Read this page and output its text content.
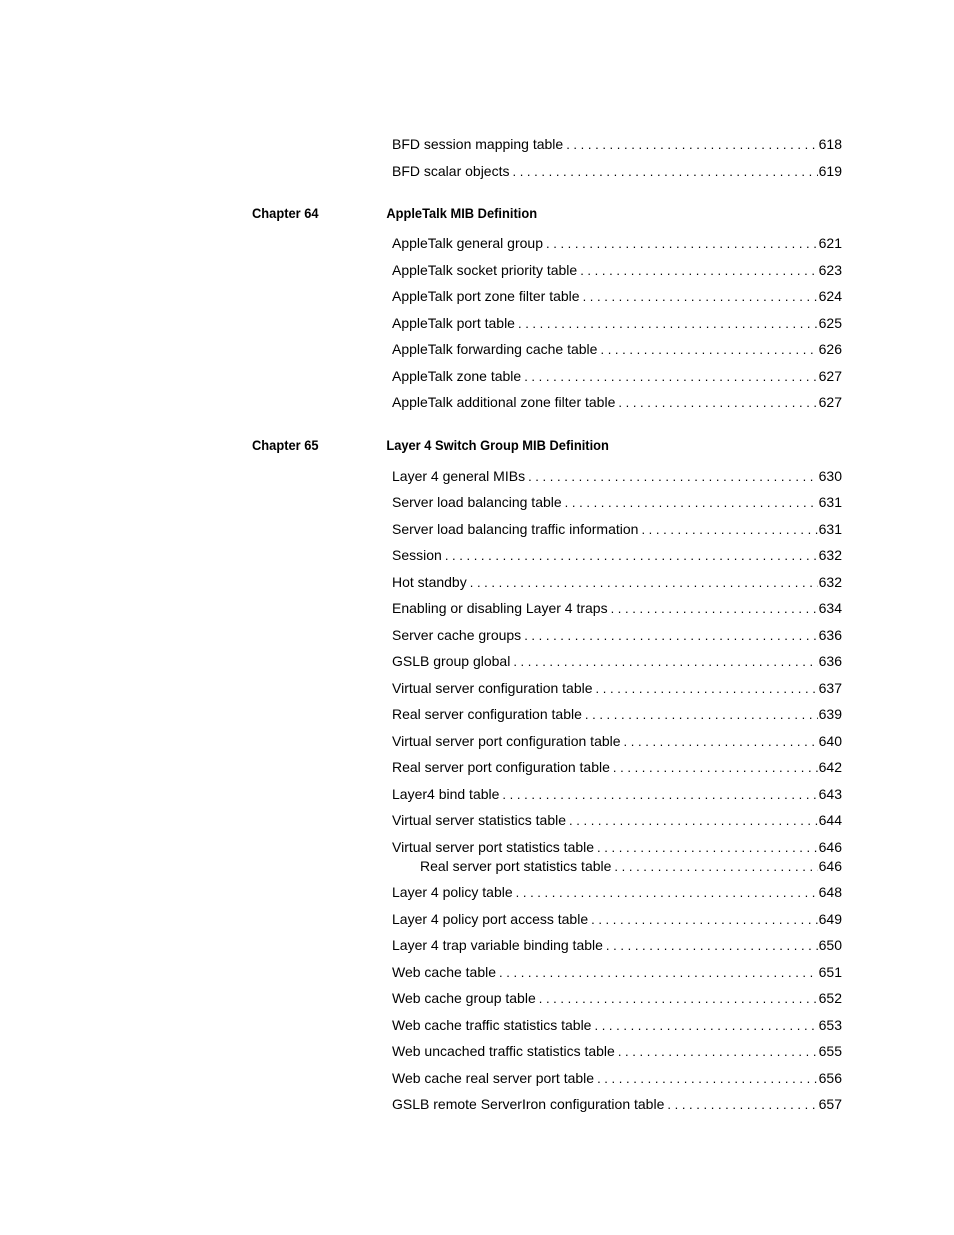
BFD session mapping table . . .	618
BFD scalar objects . . .	619
Chapter 64	AppleTalk MIB Definition
AppleTalk general group . . .	621
AppleTalk socket priority table . . .	623
AppleTalk port zone filter table . . .	624
AppleTalk port table . . .	625
AppleTalk forwarding cache table . . .	626
AppleTalk zone table . . .	627
AppleTalk additional zone filter table . . .	627
Chapter 65	Layer 4 Switch Group MIB Definition
Layer 4 general MIBs . . .	630
Server load balancing table . . .	631
Server load balancing traffic information . . .	631
Session . . .	632
Hot standby . . .	632
Enabling or disabling Layer 4 traps . . .	634
Server cache groups . . .	636
GSLB group global . . .	636
Virtual server configuration table . . .	637
Real server configuration table . . .	639
Virtual server port configuration table . . .	640
Real server port configuration table . . .	642
Layer4 bind table . . .	643
Virtual server statistics table . . .	644
Virtual server port statistics table . . .	646
Real server port statistics table . . .	646
Layer 4 policy table . . .	648
Layer 4 policy port access table . . .	649
Layer 4 trap variable binding table . . .	650
Web cache table . . .	651
Web cache group table . . .	652
Web cache traffic statistics table . . .	653
Web uncached traffic statistics table . . .	655
Web cache real server port table . . .	656
GSLB remote ServerIron configuration table . . .	657
